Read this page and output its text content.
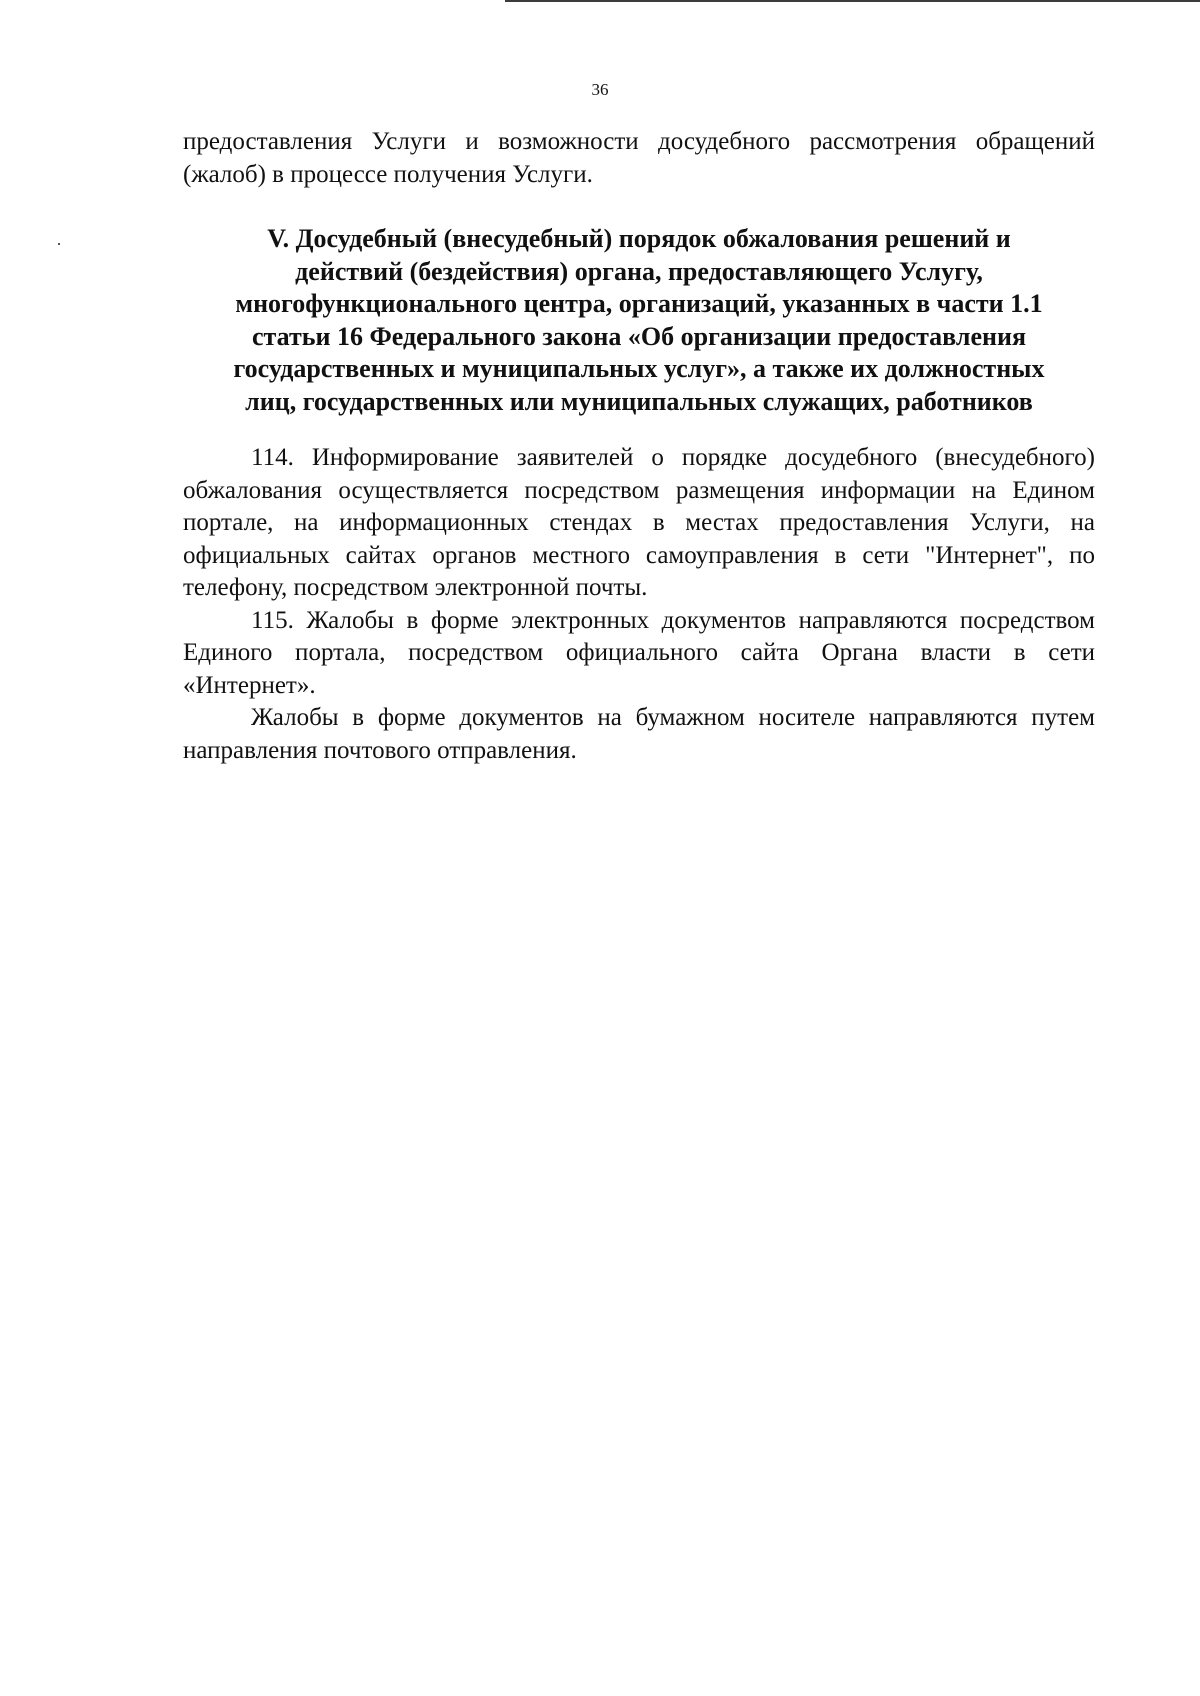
36

предоставления Услуги и возможности досудебного рассмотрения обращений (жалоб) в процессе получения Услуги.

V. Досудебный (внесудебный) порядок обжалования решений и
действий (бездействия) органа, предоставляющего Услугу,
многофункционального центра, организаций, указанных в части 1.1
статьи 16 Федерального закона «Об организации предоставления
государственных и муниципальных услуг», а также их должностных
лиц, государственных или муниципальных служащих, работников

114. Информирование заявителей о порядке досудебного (внесудебного) обжалования осуществляется посредством размещения информации на Едином портале, на информационных стендах в местах предоставления Услуги, на официальных сайтах органов местного самоуправления в сети "Интернет", по телефону, посредством электронной почты.

115. Жалобы в форме электронных документов направляются посредством Единого портала, посредством официального сайта Органа власти в сети «Интернет».

Жалобы в форме документов на бумажном носителе направляются путем направления почтового отправления.
